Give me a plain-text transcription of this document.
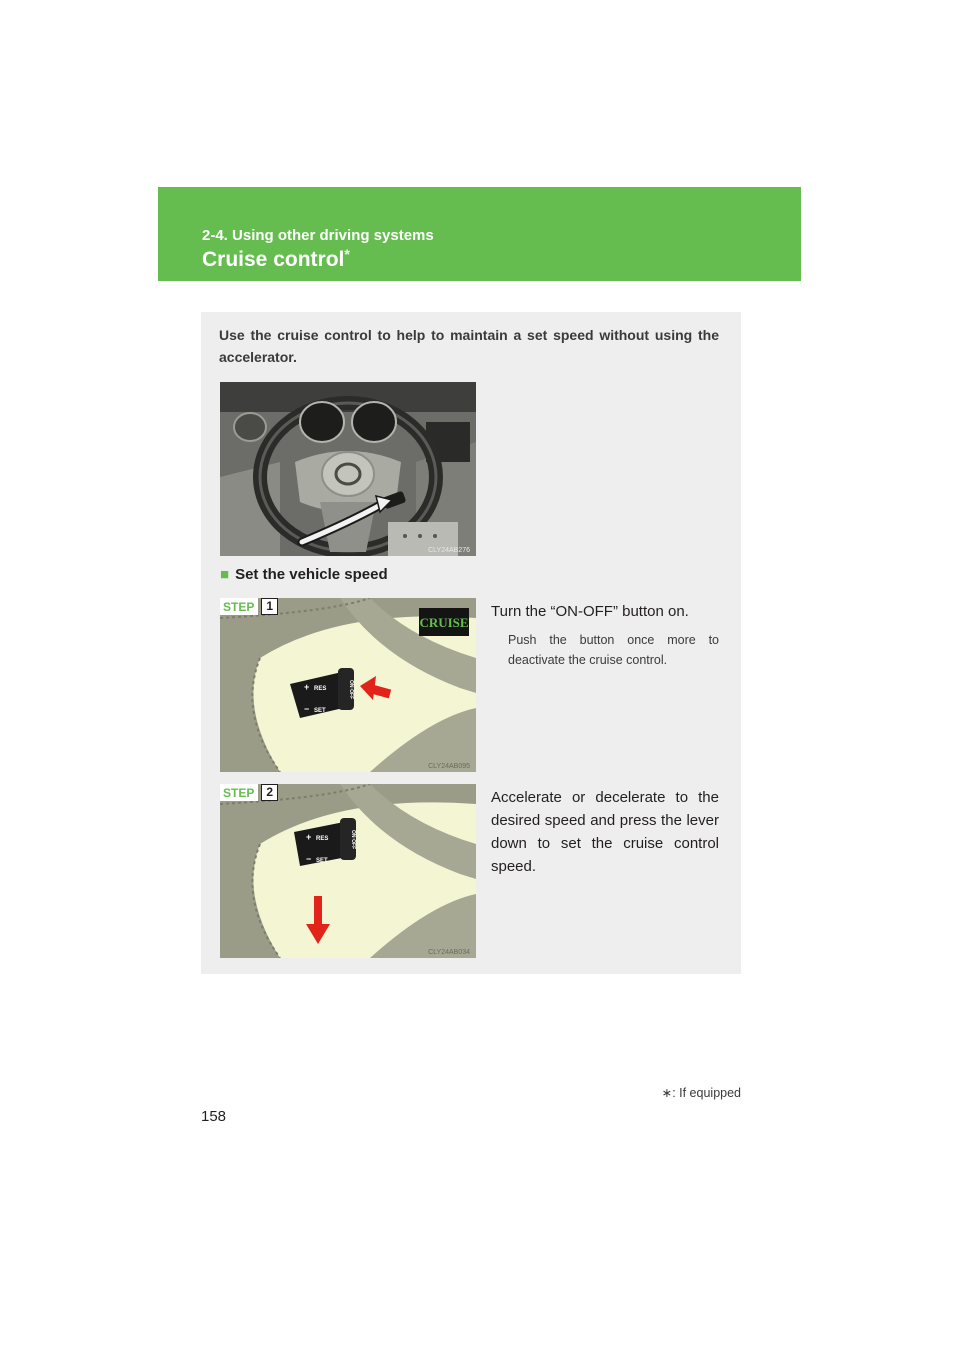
2-4. Using other driving systems
Cruise control*
Use the cruise control to help to maintain a set speed without using the accelerator.
CLY24AB276
■ Set the vehicle speed
CRUISE
+ RES
− SET
ON·OFF
CLY24AB095
STEP	1	Turn the “ON-OFF” button on.
Push the button once more to deactivate the cruise control.
+ RES
− SET
ON·OFF
CLY24AB034
STEP	2	Accelerate or decelerate to the desired speed and press the lever down to set the cruise control speed.
∗: If equipped
158
